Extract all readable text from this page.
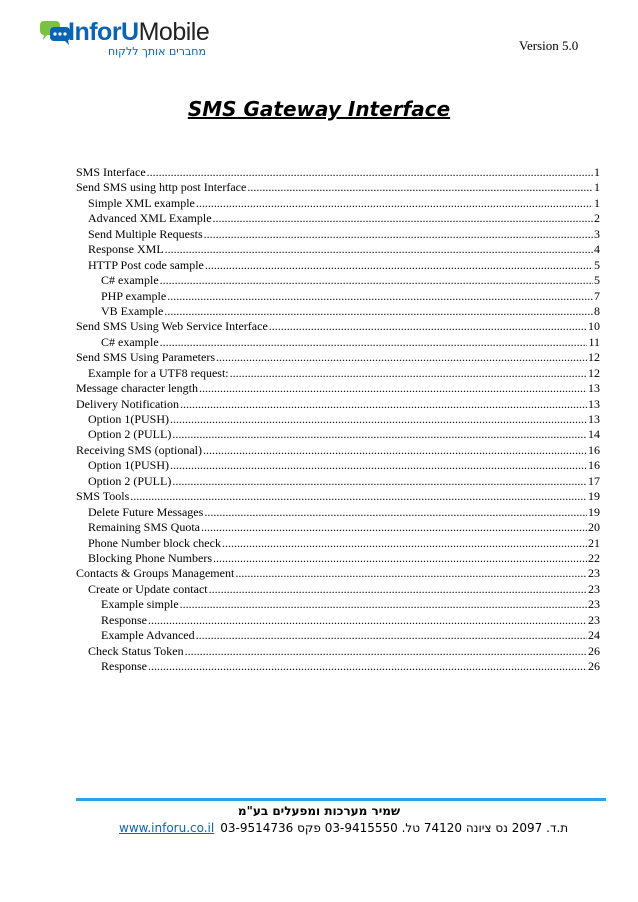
InforUMobile
מחברים אותך ללקוח	Version 5.0
SMS Gateway Interface
SMS Interface .....	1
Send SMS using http post Interface .....	1
Simple XML example .....	1
Advanced XML Example .....	2
Send Multiple Requests .....	3
Response XML .....	4
HTTP Post code sample .....	5
C# example .....	5
PHP example .....	7
VB Example .....	8
Send SMS Using Web Service Interface .....	10
C# example .....	11
Send SMS Using Parameters .....	12
Example for a UTF8 request: .....	12
Message character length .....	13
Delivery Notification .....	13
Option 1(PUSH) .....	13
Option 2 (PULL) .....	14
Receiving SMS (optional) .....	16
Option 1(PUSH) .....	16
Option 2 (PULL) .....	17
SMS Tools .....	19
Delete Future Messages .....	19
Remaining SMS Quota .....	20
Phone Number block check .....	21
Blocking Phone Numbers .....	22
Contacts & Groups Management .....	23
Create or Update contact .....	23
Example simple .....	23
Response .....	23
Example Advanced .....	24
Check Status Token .....	26
Response .....	26
שמיר מערכות ומפעלים בע"מ
www.inforu.co.il ת.ד. 2097 נס ציונה 74120 טל. 03-9415550 פקס 03-9514736
